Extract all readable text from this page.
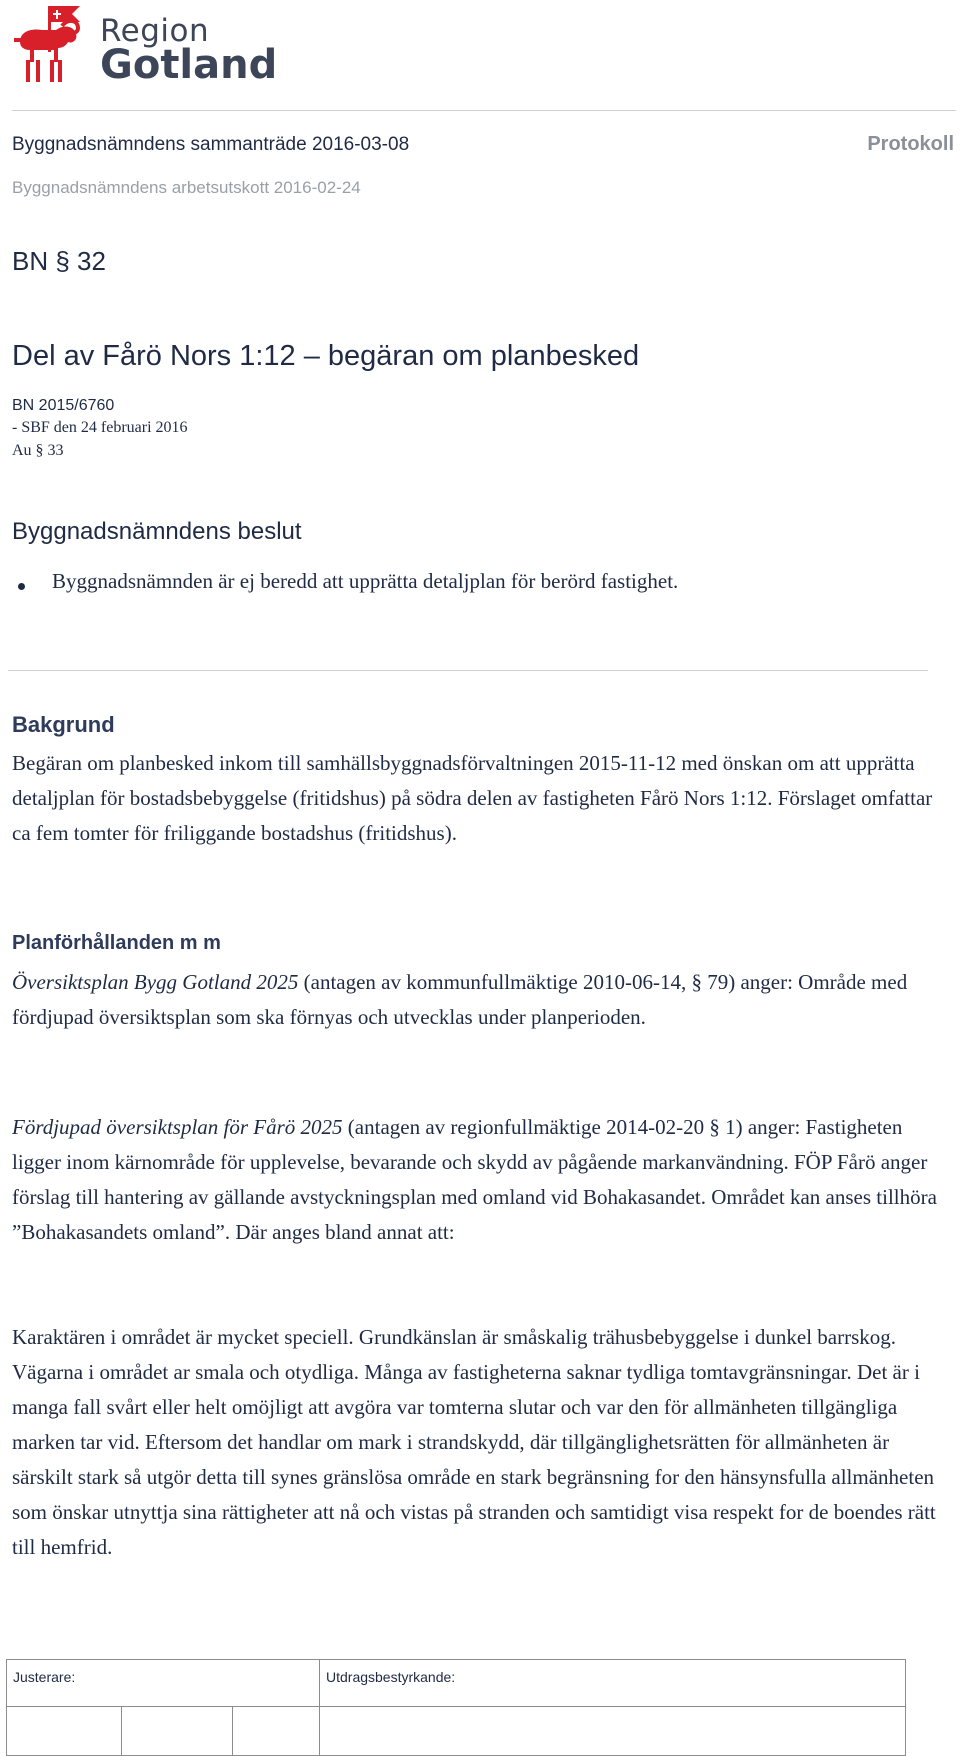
Region
Gotland
Byggnadsnämndens sammanträde 2016-03-08	Protokoll
Byggnadsnämndens arbetsutskott 2016-02-24
BN § 32
Del av Fårö Nors 1:12 – begäran om planbesked
BN 2015/6760
- SBF den 24 februari 2016
Au § 33
Byggnadsnämndens beslut
Byggnadsnämnden är ej beredd att upprätta detaljplan för berörd fastighet.
Bakgrund
Begäran om planbesked inkom till samhällsbyggnadsförvaltningen 2015-11-12 med önskan om att upprätta detaljplan för bostadsbebyggelse (fritidshus) på södra delen av fastigheten Fårö Nors 1:12. Förslaget omfattar ca fem tomter för friliggande bostadshus (fritidshus).
Planförhållanden m m
Översiktsplan Bygg Gotland 2025 (antagen av kommunfullmäktige 2010-06-14, § 79) anger: Område med fördjupad översiktsplan som ska förnyas och utvecklas under planperioden.
Fördjupad översiktsplan för Fårö 2025 (antagen av regionfullmäktige 2014-02-20 § 1) anger: Fastigheten ligger inom kärnområde för upplevelse, bevarande och skydd av pågående markanvändning. FÖP Fårö anger förslag till hantering av gällande avstyckningsplan med omland vid Bohakasandet. Området kan anses tillhöra ”Bohakasandets omland”. Där anges bland annat att:
Karaktären i området är mycket speciell. Grundkänslan är småskalig trähusbebyggelse i dunkel barrskog. Vägarna i området ar smala och otydliga. Många av fastigheterna saknar tydliga tomtavgränsningar. Det är i manga fall svårt eller helt omöjligt att avgöra var tomterna slutar och var den för allmänheten tillgängliga marken tar vid. Eftersom det handlar om mark i strandskydd, där tillgänglighetsrätten för allmänheten är särskilt stark så utgör detta till synes gränslösa område en stark begränsning for den hänsynsfulla allmänheten som önskar utnyttja sina rättigheter att nå och vistas på stranden och samtidigt visa respekt for de boendes rätt till hemfrid.
Justerare:	Utdragsbestyrkande:
